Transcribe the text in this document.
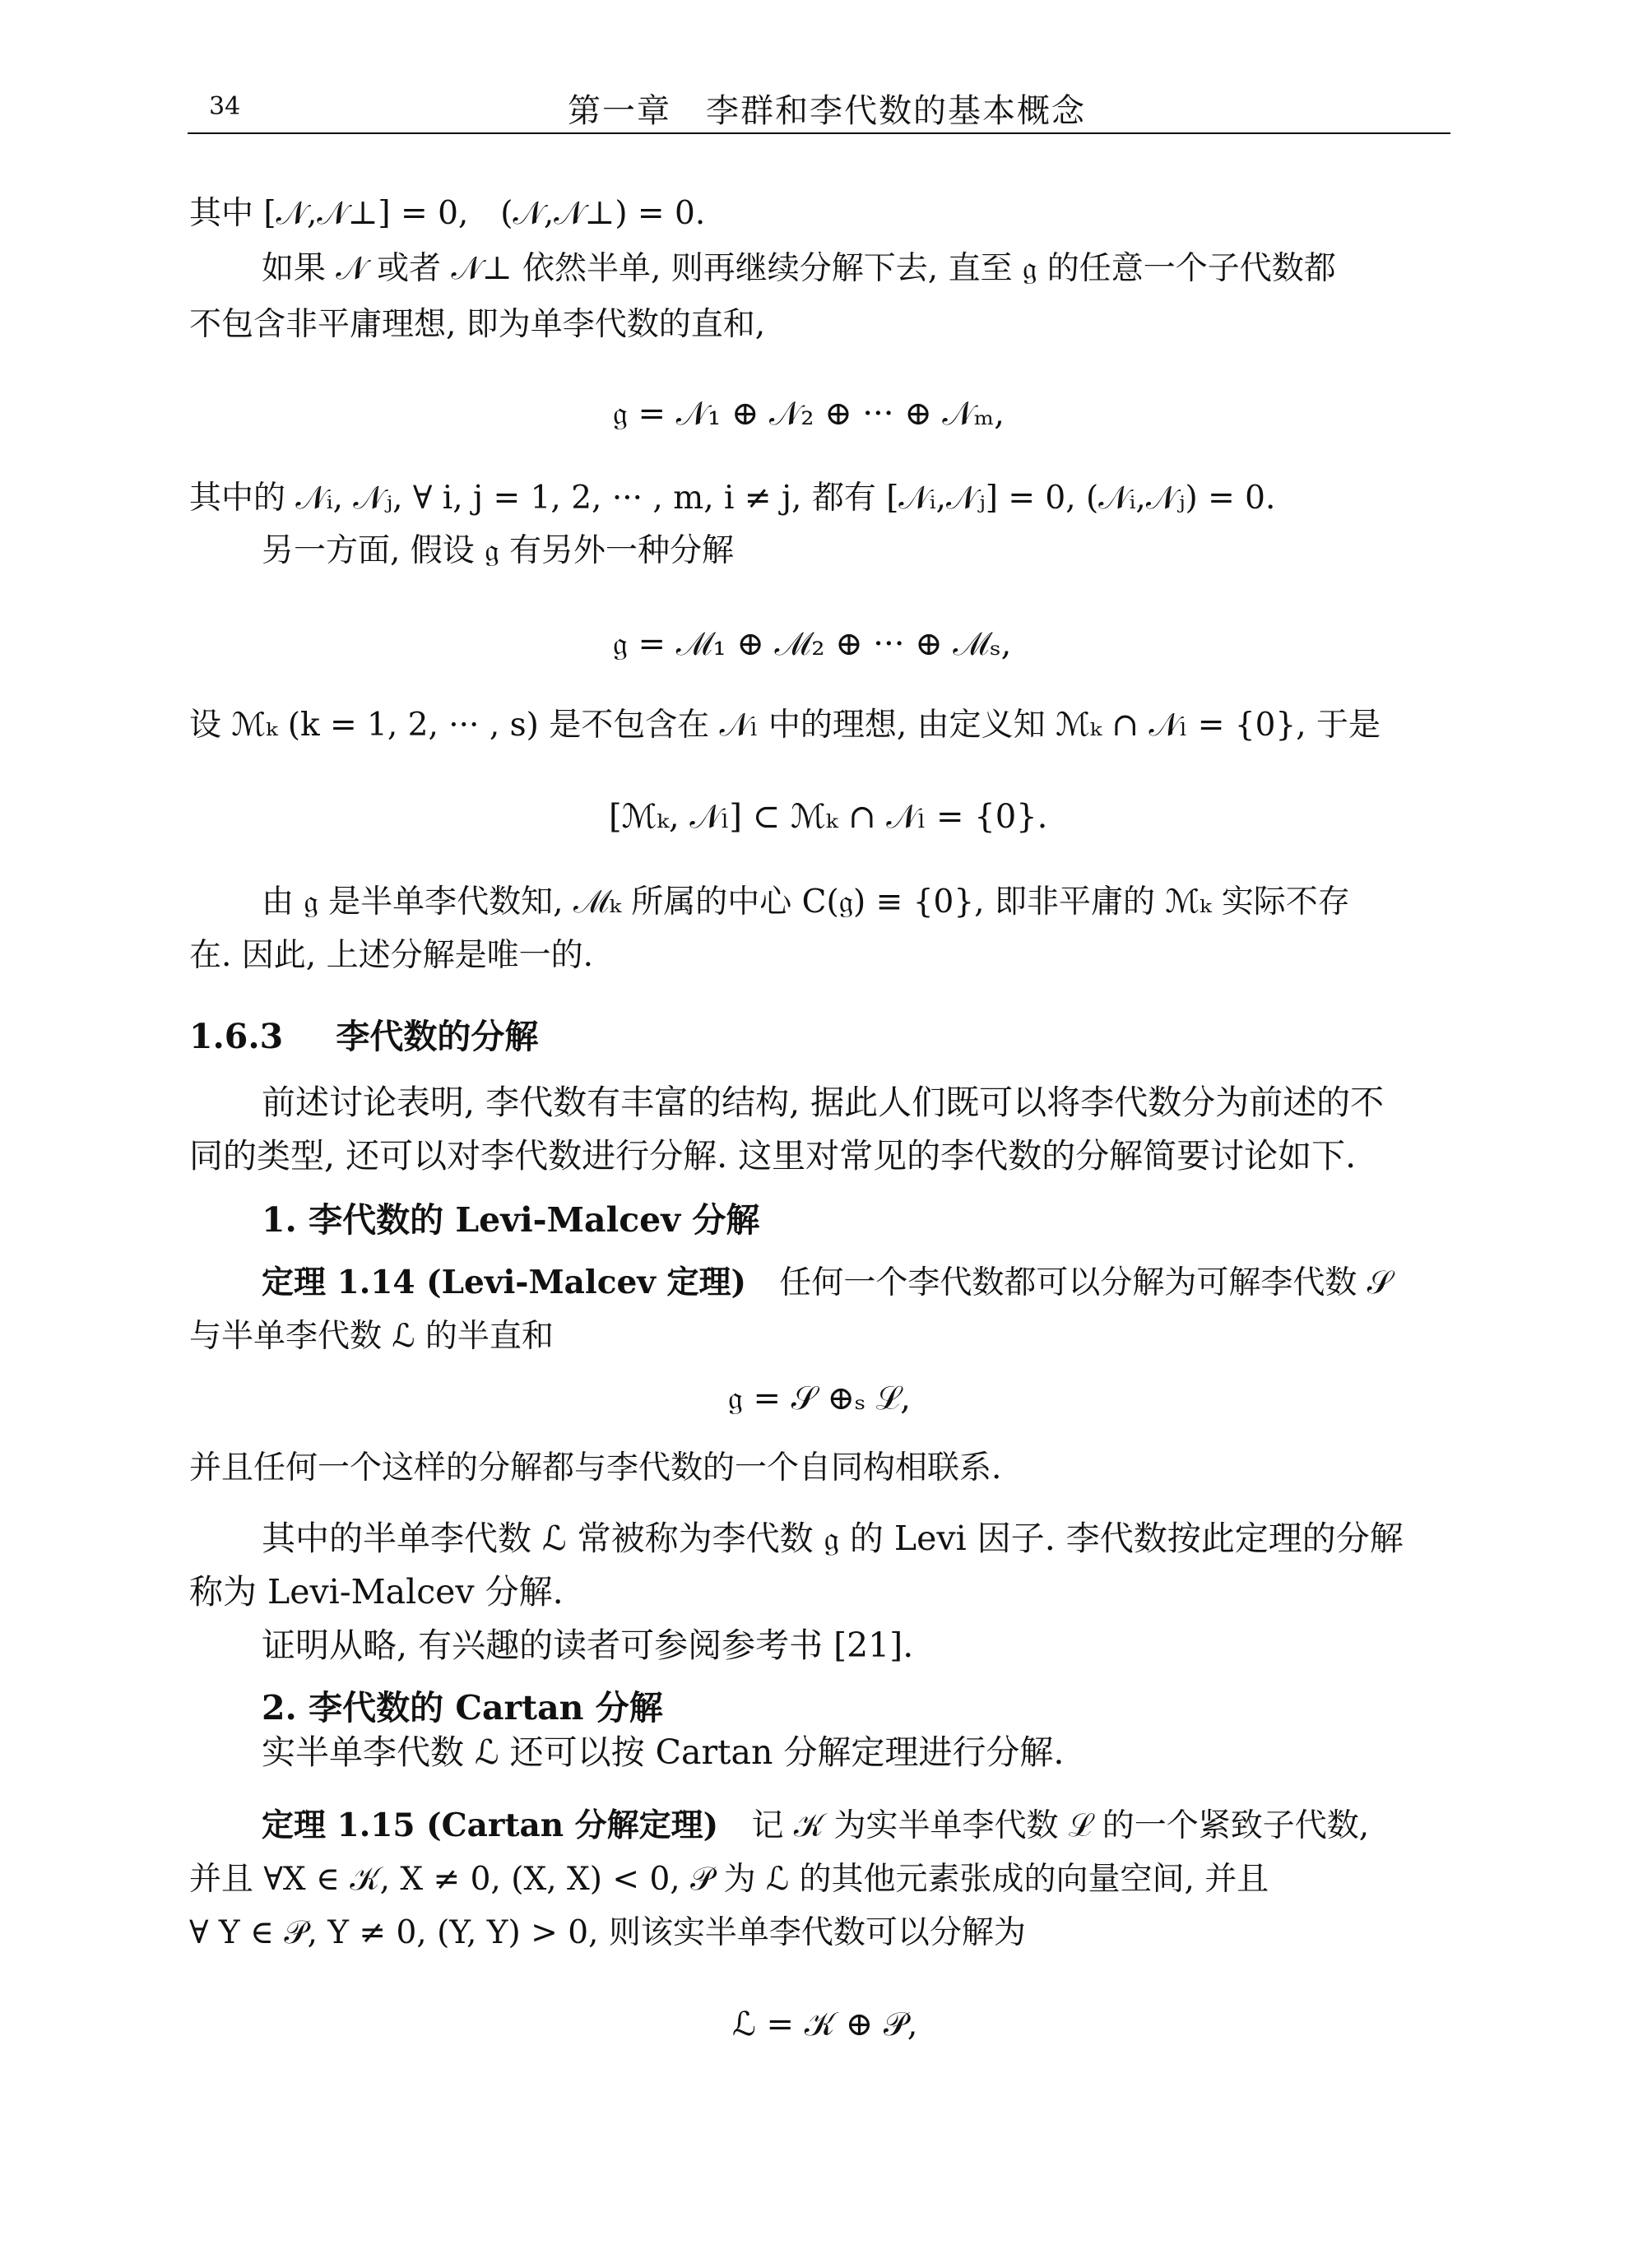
34	第一章　李群和李代数的基本概念
其中 [𝒩,𝒩⊥] = 0,　(𝒩,𝒩⊥) = 0.
如果 𝒩 或者 𝒩⊥ 依然半单, 则再继续分解下去, 直至 𝔤 的任意一个子代数都
不包含非平庸理想, 即为单李代数的直和,
𝔤 = 𝒩₁ ⊕ 𝒩₂ ⊕ ··· ⊕ 𝒩ₘ,
其中的 𝒩ᵢ, 𝒩ⱼ, ∀ i, j = 1, 2, ··· , m, i ≠ j, 都有 [𝒩ᵢ,𝒩ⱼ] = 0, (𝒩ᵢ,𝒩ⱼ) = 0.
另一方面, 假设 𝔤 有另外一种分解
𝔤 = ℳ₁ ⊕ ℳ₂ ⊕ ··· ⊕ ℳₛ,
设 ℳₖ (k = 1, 2, ··· , s) 是不包含在 𝒩ₗ 中的理想, 由定义知 ℳₖ ∩ 𝒩ₗ = {0}, 于是
[ℳₖ, 𝒩ₗ] ⊂ ℳₖ ∩ 𝒩ₗ = {0}.
由 𝔤 是半单李代数知, ℳₖ 所属的中心 C(𝔤) ≡ {0}, 即非平庸的 ℳₖ 实际不存
在. 因此, 上述分解是唯一的.
1.6.3 李代数的分解
前述讨论表明, 李代数有丰富的结构, 据此人们既可以将李代数分为前述的不
同的类型, 还可以对李代数进行分解. 这里对常见的李代数的分解简要讨论如下.
1. 李代数的 Levi-Malcev 分解
定理 1.14 (Levi-Malcev 定理) 任何一个李代数都可以分解为可解李代数 𝒮
与半单李代数 ℒ 的半直和
𝔤 = 𝒮 ⊕ₛ ℒ,
并且任何一个这样的分解都与李代数的一个自同构相联系.
其中的半单李代数 ℒ 常被称为李代数 𝔤 的 Levi 因子. 李代数按此定理的分解
称为 Levi-Malcev 分解.
证明从略, 有兴趣的读者可参阅参考书 [21].
2. 李代数的 Cartan 分解
实半单李代数 ℒ 还可以按 Cartan 分解定理进行分解.
定理 1.15 (Cartan 分解定理) 记 𝒦 为实半单李代数 ℒ 的一个紧致子代数,
并且 ∀X ∈ 𝒦, X ≠ 0, (X, X) < 0, 𝒫 为 ℒ 的其他元素张成的向量空间, 并且
∀ Y ∈ 𝒫, Y ≠ 0, (Y, Y) > 0, 则该实半单李代数可以分解为
ℒ = 𝒦 ⊕ 𝒫,
